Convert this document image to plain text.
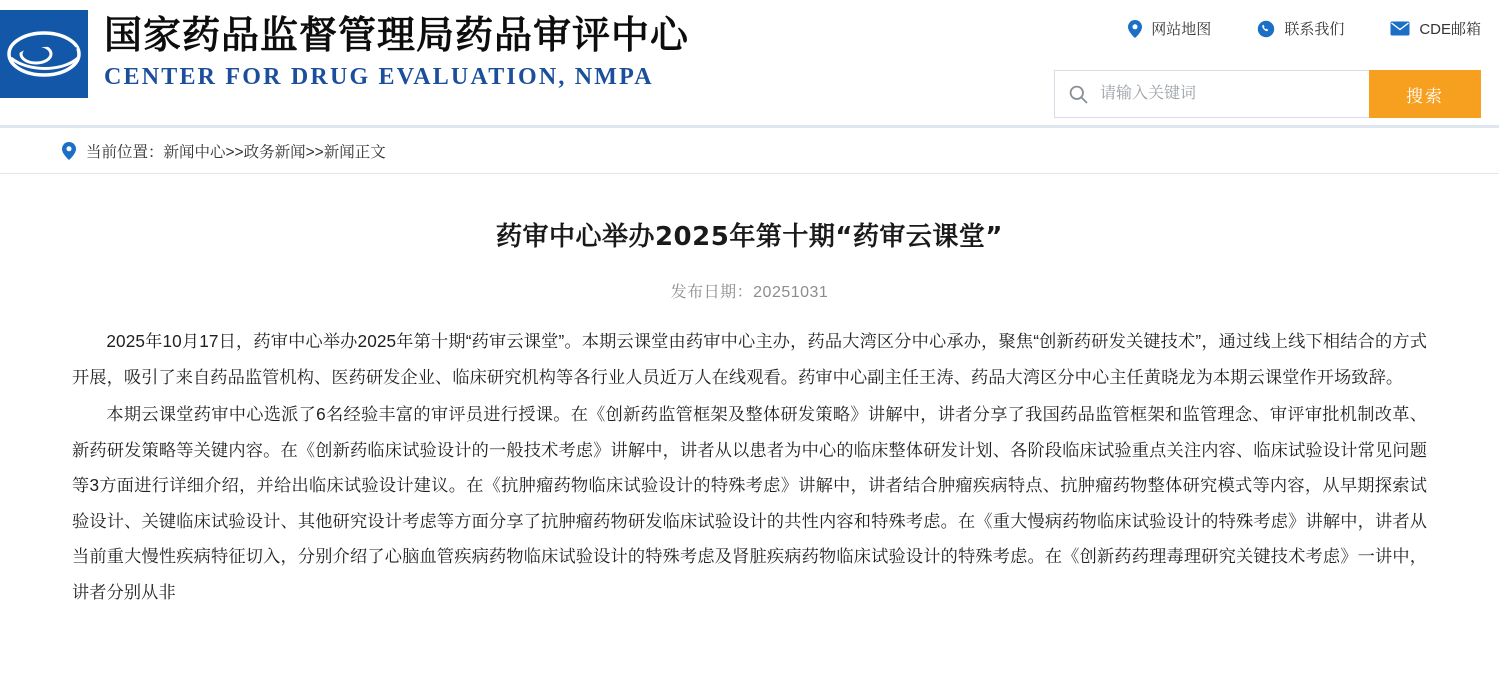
国家药品监督管理局药品审评中心
CENTER FOR DRUG EVALUATION, NMPA
网站地图	联系我们	CDE邮箱
请输入关键词
搜索
当前位置：新闻中心>>政务新闻>>新闻正文
药审中心举办2025年第十期“药审云课堂”
发布日期：20251031

2025年10月17日，药审中心举办2025年第十期“药审云课堂”。本期云课堂由药审中心主办，药品大湾区分中心承办，聚焦“创新药研发关键技术”，通过线上线下相结合的方式开展，吸引了来自药品监管机构、医药研发企业、临床研究机构等各行业人员近万人在线观看。药审中心副主任王涛、药品大湾区分中心主任黄晓龙为本期云课堂作开场致辞。

本期云课堂药审中心选派了6名经验丰富的审评员进行授课。在《创新药监管框架及整体研发策略》讲解中，讲者分享了我国药品监管框架和监管理念、审评审批机制改革、新药研发策略等关键内容。在《创新药临床试验设计的一般技术考虑》讲解中，讲者从以患者为中心的临床整体研发计划、各阶段临床试验重点关注内容、临床试验设计常见问题等3方面进行详细介绍，并给出临床试验设计建议。在《抗肿瘤药物临床试验设计的特殊考虑》讲解中，讲者结合肿瘤疾病特点、抗肿瘤药物整体研究模式等内容，从早期探索试验设计、关键临床试验设计、其他研究设计考虑等方面分享了抗肿瘤药物研发临床试验设计的共性内容和特殊考虑。在《重大慢病药物临床试验设计的特殊考虑》讲解中，讲者从当前重大慢性疾病特征切入，分别介绍了心脑血管疾病药物临床试验设计的特殊考虑及肾脏疾病药物临床试验设计的特殊考虑。在《创新药药理毒理研究关键技术考虑》一讲中，讲者分别从非
